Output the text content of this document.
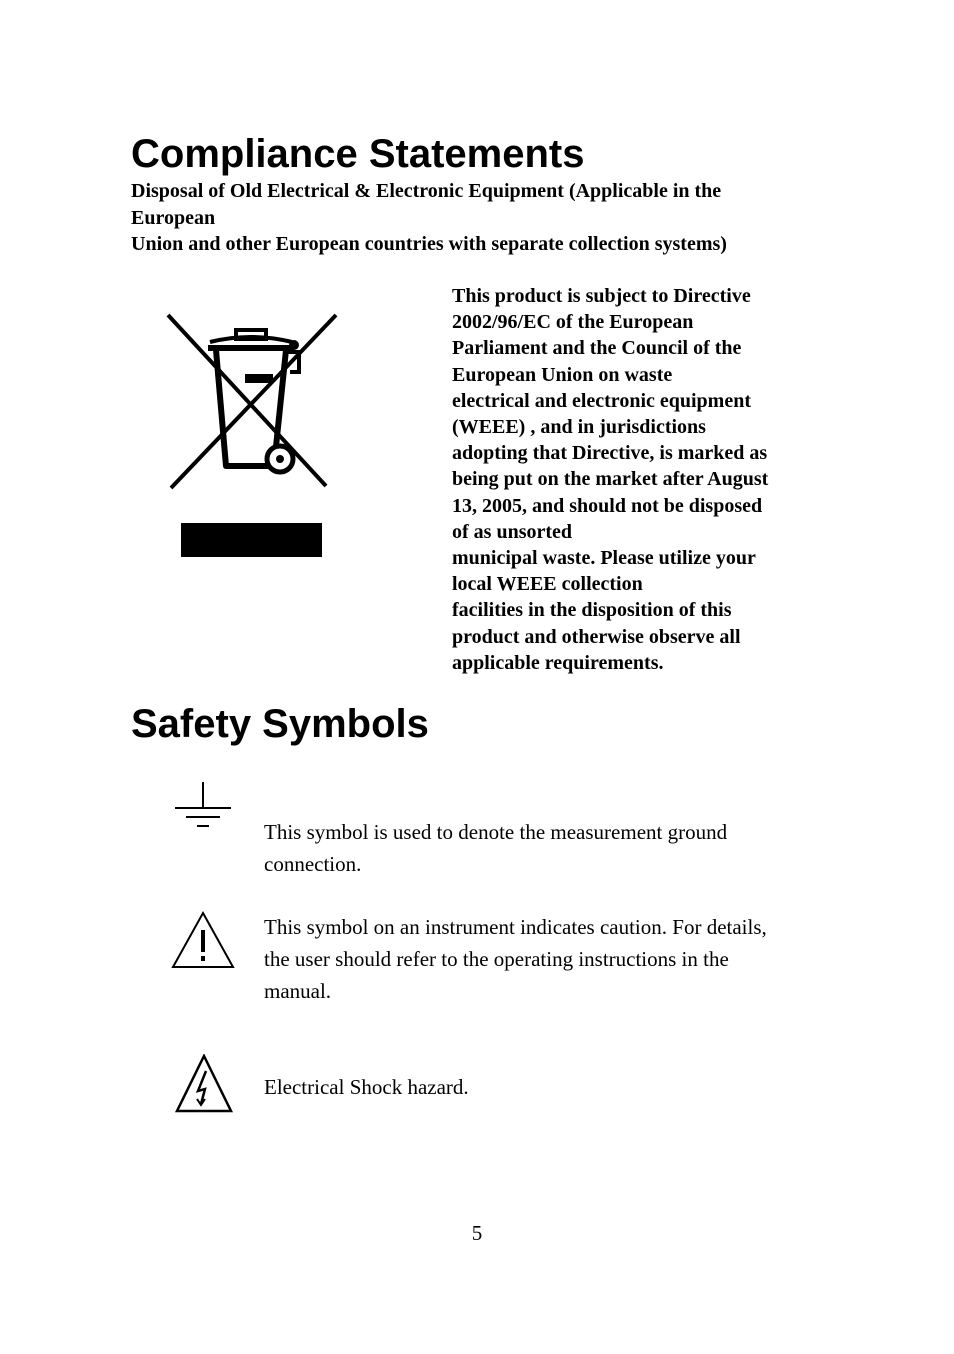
Compliance Statements
Disposal of Old Electrical & Electronic Equipment (Applicable in the
European
Union and other European countries with separate collection systems)
This product is subject to Directive
2002/96/EC of the European
Parliament and the Council of the
European Union on waste
electrical and electronic equipment
(WEEE) , and in jurisdictions
adopting that Directive, is marked as
being put on the market after August
13, 2005, and should not be disposed
of as unsorted
municipal waste. Please utilize your
local WEEE collection
facilities in the disposition of this
product and otherwise observe all
applicable requirements.
Safety Symbols
This symbol is used to denote the measurement ground
connection.
This symbol on an instrument indicates caution. For details,
the user should refer to the operating instructions in the
manual.
Electrical Shock hazard.
5
